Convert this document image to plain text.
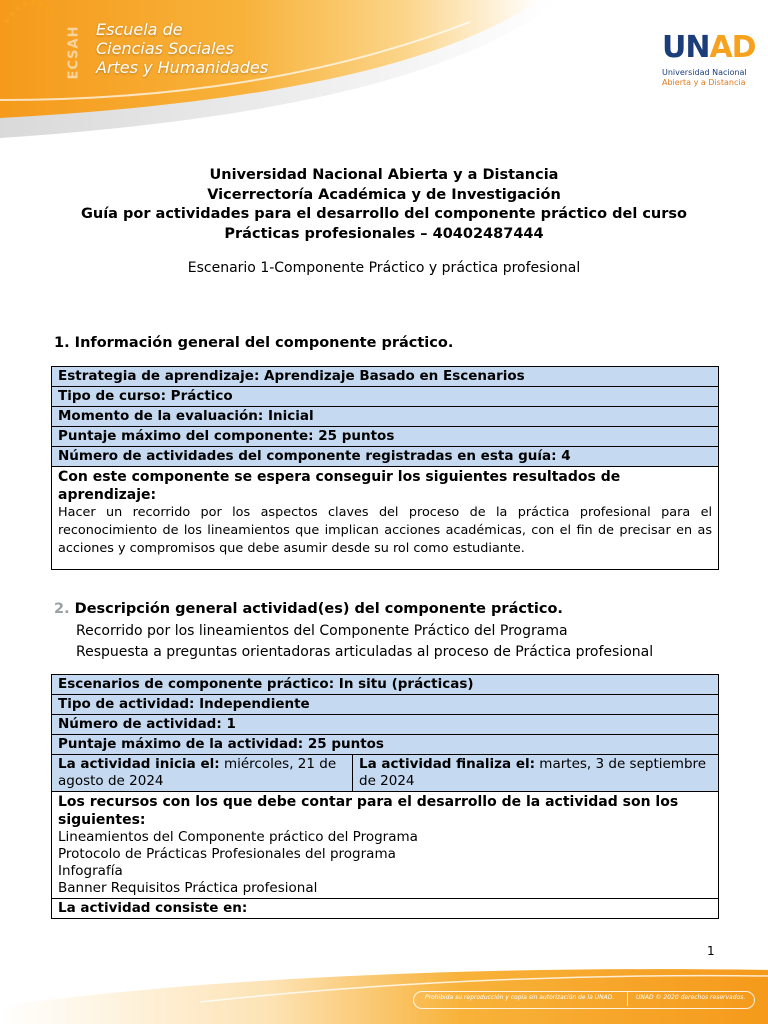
ECSAH Escuela de
Ciencias Sociales
Artes y Humanidades
UNAD
Universidad Nacional
Abierta y a Distancia
Universidad Nacional Abierta y a Distancia
Vicerrectoría Académica y de Investigación
Guía por actividades para el desarrollo del componente práctico del curso
Prácticas profesionales – 40402487444
Escenario 1-Componente Práctico y práctica profesional
1. Información general del componente práctico.
Estrategia de aprendizaje: Aprendizaje Basado en Escenarios
Tipo de curso: Práctico
Momento de la evaluación: Inicial
Puntaje máximo del componente: 25 puntos
Número de actividades del componente registradas en esta guía: 4

Con este componente se espera conseguir los siguientes resultados de aprendizaje:
Hacer un recorrido por los aspectos claves del proceso de la práctica profesional para el reconocimiento de los lineamientos que implican acciones académicas, con el fin de precisar en as acciones y compromisos que debe asumir desde su rol como estudiante.
2. Descripción general actividad(es) del componente práctico.
Recorrido por los lineamientos del Componente Práctico del Programa
Respuesta a preguntas orientadoras articuladas al proceso de Práctica profesional
Escenarios de componente práctico: In situ (prácticas)
Tipo de actividad: Independiente
Número de actividad: 1
Puntaje máximo de la actividad: 25 puntos
La actividad inicia el: miércoles, 21 de agosto de 2024	La actividad finaliza el: martes, 3 de septiembre de 2024

Los recursos con los que debe contar para el desarrollo de la actividad son los siguientes:
Lineamientos del Componente práctico del Programa
Protocolo de Prácticas Profesionales del programa
Infografía
Banner Requisitos Práctica profesional

La actividad consiste en:
1
Prohibida su reproducción y copia sin autorización de la UNAD.	UNAD © 2020 derechos reservados.
